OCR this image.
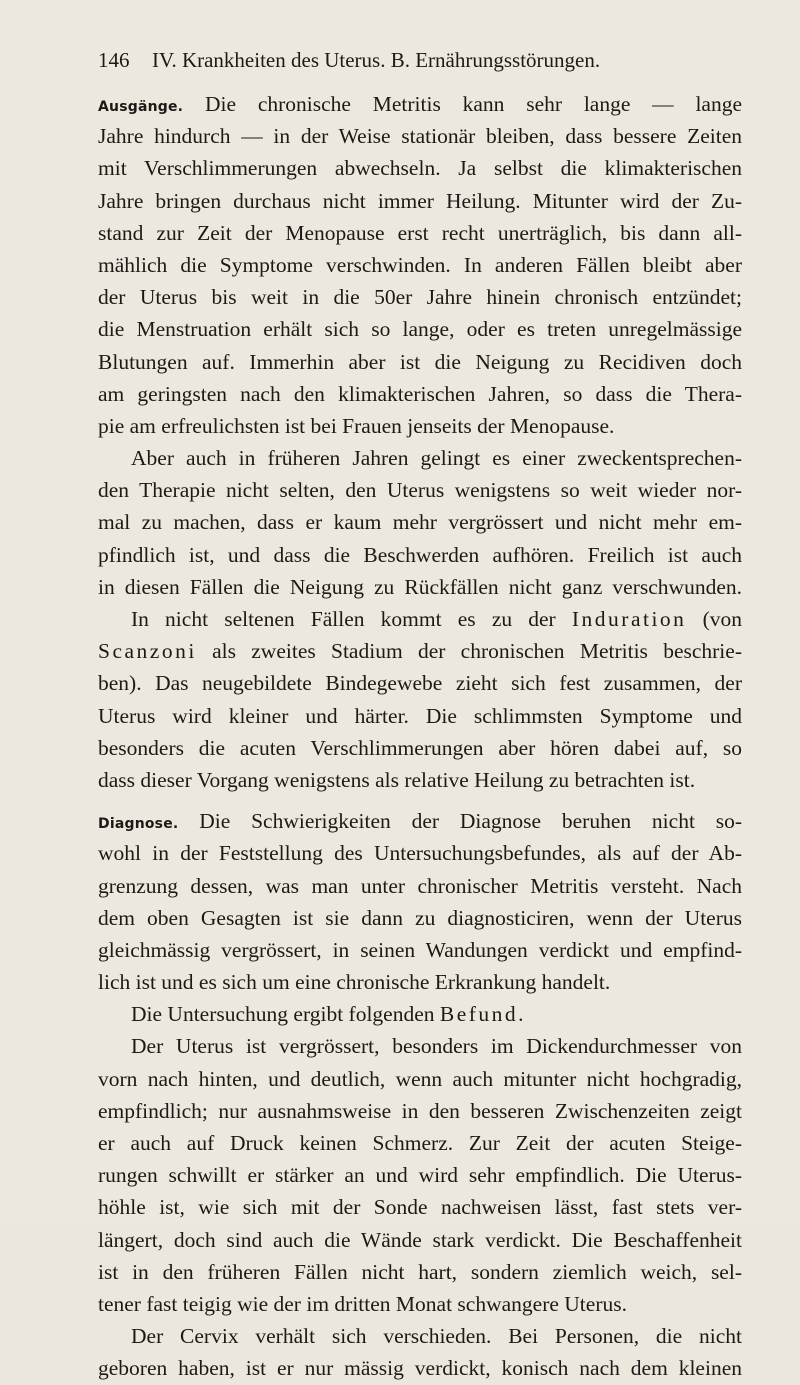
146 IV. Krankheiten des Uterus. B. Ernährungsstörungen.
Ausgänge. Die chronische Metritis kann sehr lange — lange
Jahre hindurch — in der Weise stationär bleiben, dass bessere Zeiten
mit Verschlimmerungen abwechseln. Ja selbst die klimakterischen
Jahre bringen durchaus nicht immer Heilung. Mitunter wird der Zu-
stand zur Zeit der Menopause erst recht unerträglich, bis dann all-
mählich die Symptome verschwinden. In anderen Fällen bleibt aber
der Uterus bis weit in die 50er Jahre hinein chronisch entzündet;
die Menstruation erhält sich so lange, oder es treten unregelmässige
Blutungen auf. Immerhin aber ist die Neigung zu Recidiven doch
am geringsten nach den klimakterischen Jahren, so dass die Thera-
pie am erfreulichsten ist bei Frauen jenseits der Menopause.
Aber auch in früheren Jahren gelingt es einer zweckentsprechen-
den Therapie nicht selten, den Uterus wenigstens so weit wieder nor-
mal zu machen, dass er kaum mehr vergrössert und nicht mehr em-
pfindlich ist, und dass die Beschwerden aufhören. Freilich ist auch
in diesen Fällen die Neigung zu Rückfällen nicht ganz verschwunden.
In nicht seltenen Fällen kommt es zu der Induration (von
Scanzoni als zweites Stadium der chronischen Metritis beschrie-
ben). Das neugebildete Bindegewebe zieht sich fest zusammen, der
Uterus wird kleiner und härter. Die schlimmsten Symptome und
besonders die acuten Verschlimmerungen aber hören dabei auf, so
dass dieser Vorgang wenigstens als relative Heilung zu betrachten ist.
Diagnose. Die Schwierigkeiten der Diagnose beruhen nicht so-
wohl in der Feststellung des Untersuchungsbefundes, als auf der Ab-
grenzung dessen, was man unter chronischer Metritis versteht. Nach
dem oben Gesagten ist sie dann zu diagnosticiren, wenn der Uterus
gleichmässig vergrössert, in seinen Wandungen verdickt und empfind-
lich ist und es sich um eine chronische Erkrankung handelt.
Die Untersuchung ergibt folgenden Befund.
Der Uterus ist vergrössert, besonders im Dickendurchmesser von
vorn nach hinten, und deutlich, wenn auch mitunter nicht hochgradig,
empfindlich; nur ausnahmsweise in den besseren Zwischenzeiten zeigt
er auch auf Druck keinen Schmerz. Zur Zeit der acuten Steige-
rungen schwillt er stärker an und wird sehr empfindlich. Die Uterus-
höhle ist, wie sich mit der Sonde nachweisen lässt, fast stets ver-
längert, doch sind auch die Wände stark verdickt. Die Beschaffenheit
ist in den früheren Fällen nicht hart, sondern ziemlich weich, sel-
tener fast teigig wie der im dritten Monat schwangere Uterus.
Der Cervix verhält sich verschieden. Bei Personen, die nicht
geboren haben, ist er nur mässig verdickt, konisch nach dem kleinen
